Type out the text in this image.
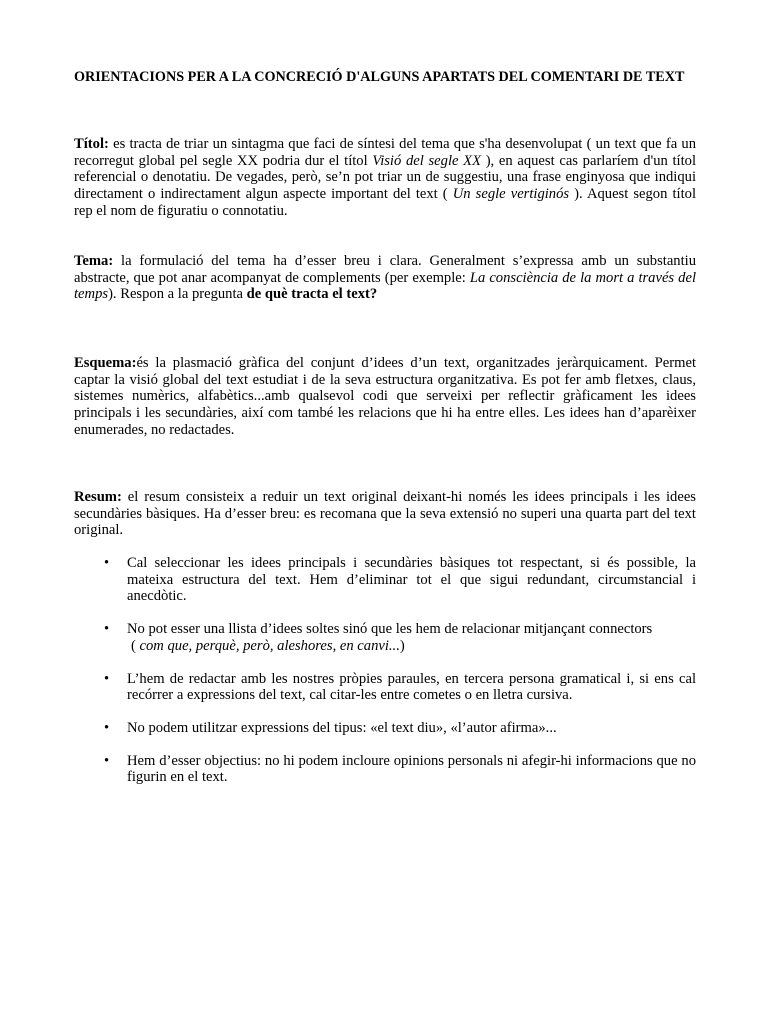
ORIENTACIONS PER A LA CONCRECIÓ D'ALGUNS APARTATS DEL COMENTARI DE TEXT

Títol: es tracta de triar un sintagma que faci de síntesi del tema que s'ha desenvolupat ( un text que fa un recorregut global pel segle XX podria dur el títol Visió del segle XX ), en aquest cas parlaríem d'un títol referencial o denotatiu. De vegades, però, se’n pot triar un de suggestiu, una frase enginyosa que indiqui directament o indirectament algun aspecte important del text ( Un segle vertiginós ). Aquest segon títol rep el nom de figuratiu o connotatiu.

Tema: la formulació del tema ha d’esser breu i clara. Generalment s’expressa amb un substantiu abstracte, que pot anar acompanyat de complements (per exemple: La consciència de la mort a través del temps). Respon a la pregunta de què tracta el text?

Esquema:és la plasmació gràfica del conjunt d’idees d’un text, organitzades jeràrquicament. Permet captar la visió global del text estudiat i de la seva estructura organitzativa. Es pot fer amb fletxes, claus, sistemes numèrics, alfabètics...amb qualsevol codi que serveixi per reflectir gràficament les idees principals i les secundàries, així com també les relacions que hi ha entre elles. Les idees han d’aparèixer enumerades, no redactades.

Resum: el resum consisteix a reduir un text original deixant-hi només les idees principals i les idees secundàries bàsiques. Ha d’esser breu: es recomana que la seva extensió no superi una quarta part del text original.

• Cal seleccionar les idees principals i secundàries bàsiques tot respectant, si és possible, la mateixa estructura del text. Hem d’eliminar tot el que sigui redundant, circumstancial i anecdòtic.
• No pot esser una llista d’idees soltes sinó que les hem de relacionar mitjançant connectors
( com que, perquè, però, aleshores, en canvi...)
• L’hem de redactar amb les nostres pròpies paraules, en tercera persona gramatical i, si ens cal recórrer a expressions del text, cal citar-les entre cometes o en lletra cursiva.
• No podem utilitzar expressions del tipus: «el text diu», «l’autor afirma»...
• Hem d’esser objectius: no hi podem incloure opinions personals ni afegir-hi informacions que no figurin en el text.
